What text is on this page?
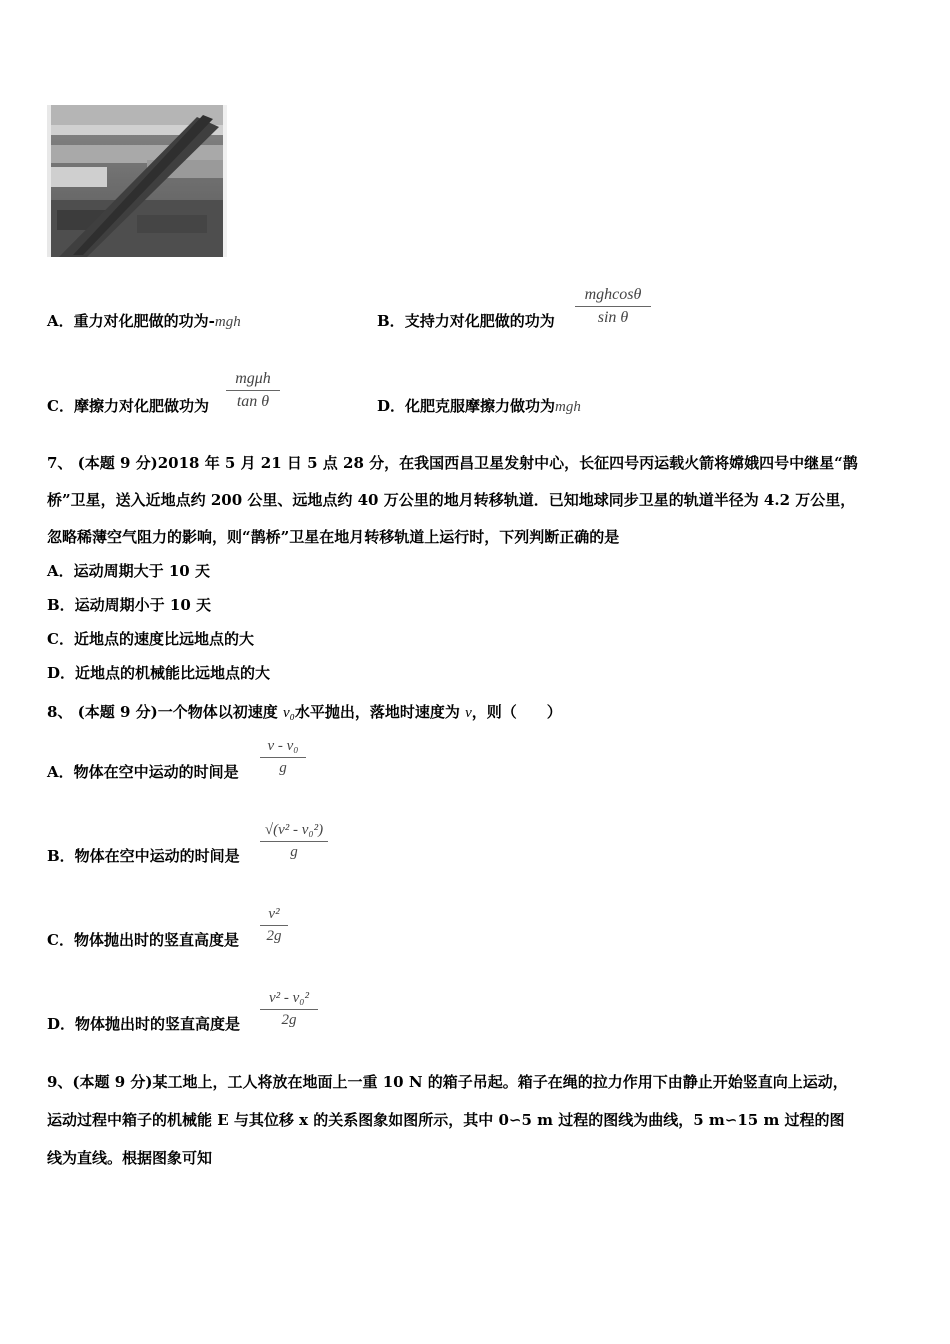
A．重力对化肥做的功为-mgh	B．支持力对化肥做的功为
mghcosθ
sin θ
C．摩擦力对化肥做功为
mgμh
tan θ	D．化肥克服摩擦力做功为mgh
7、 (本题 9 分)2018 年 5 月 21 日 5 点 28 分，在我国西昌卫星发射中心，长征四号丙运载火箭将嫦娥四号中继星“鹊
桥”卫星，送入近地点约 200 公里、远地点约 40 万公里的地月转移轨道．已知地球同步卫星的轨道半径为 4.2 万公里，
忽略稀薄空气阻力的影响，则“鹊桥”卫星在地月转移轨道上运行时，下列判断正确的是
A．运动周期大于 10 天
B．运动周期小于 10 天
C．近地点的速度比远地点的大
D．近地点的机械能比远地点的大
8、 (本题 9 分)一个物体以初速度 v₀水平抛出，落地时速度为 v，则（　　）
A．物体在空中运动的时间是
v - v₀
g
B．物体在空中运动的时间是
√(v² - v₀²)
g
C．物体抛出时的竖直高度是
v²
2g
D．物体抛出时的竖直高度是
v² - v₀²
2g
9、(本题 9 分)某工地上，工人将放在地面上一重 10 N 的箱子吊起。箱子在绳的拉力作用下由静止开始竖直向上运动，
运动过程中箱子的机械能 E 与其位移 x 的关系图象如图所示，其中 0∽5 m 过程的图线为曲线，5 m∽15 m 过程的图
线为直线。根据图象可知
